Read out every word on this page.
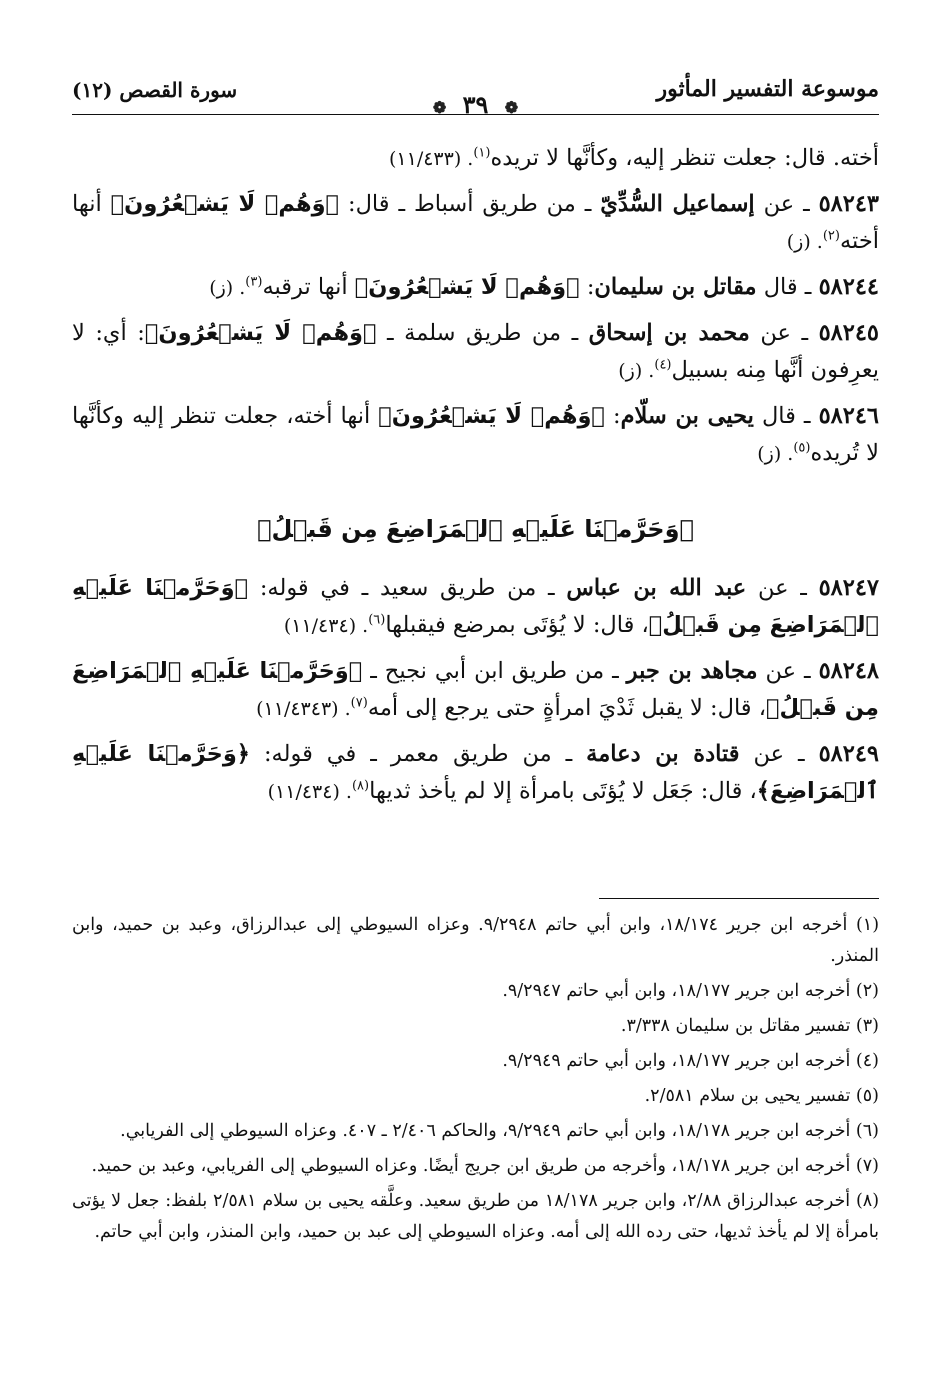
موسوعة التفسير المأثور
❁ ٣٩ ❁
سورة القصص (١٢)

أخته. قال: جعلت تنظر إليه، وكأنَّها لا تريده$^{(١)}$. (١١/٤٣٣)

٥٨٢٤٣ ـ عن إسماعيل السُّدِّيّ ـ من طريق أسباط ـ قال: ﴿وَهُمۡ لَا يَشۡعُرُونَ﴾ أنها أخته$^{(٢)}$. (ز)

٥٨٢٤٤ ـ قال مقاتل بن سليمان: ﴿وَهُمۡ لَا يَشۡعُرُونَ﴾ أنها ترقبه$^{(٣)}$. (ز)

٥٨٢٤٥ ـ عن محمد بن إسحاق ـ من طريق سلمة ـ ﴿وَهُمۡ لَا يَشۡعُرُونَ﴾: أي: لا يعرِفون أنَّها مِنه بسبيل$^{(٤)}$. (ز)

٥٨٢٤٦ ـ قال يحيى بن سلّام: ﴿وَهُمۡ لَا يَشۡعُرُونَ﴾ أنها أخته، جعلت تنظر إليه وكأنَّها لا تُريده$^{(٥)}$. (ز)

﴿وَحَرَّمۡنَا عَلَيۡهِ ٱلۡمَرَاضِعَ مِن قَبۡلُ﴾

٥٨٢٤٧ ـ عن عبد الله بن عباس ـ من طريق سعيد ـ في قوله: ﴿وَحَرَّمۡنَا عَلَيۡهِ ٱلۡمَرَاضِعَ مِن قَبۡلُ﴾، قال: لا يُؤتَى بمرضع فيقبلها$^{(٦)}$. (١١/٤٣٤)

٥٨٢٤٨ ـ عن مجاهد بن جبر ـ من طريق ابن أبي نجيح ـ ﴿وَحَرَّمۡنَا عَلَيۡهِ ٱلۡمَرَاضِعَ مِن قَبۡلُ﴾، قال: لا يقبل ثَدْيَ امرأةٍ حتى يرجع إلى أمه$^{(٧)}$. (١١/٤٣٤٣)

٥٨٢٤٩ ـ عن قتادة بن دعامة ـ من طريق معمر ـ في قوله: ﴿وَحَرَّمۡنَا عَلَيۡهِ ٱلۡمَرَاضِعَ﴾، قال: جَعَل لا يُؤتَى بامرأة إلا لم يأخذ ثديها$^{(٨)}$. (١١/٤٣٤)

(١) أخرجه ابن جرير ١٨/١٧٤، وابن أبي حاتم ٩/٢٩٤٨. وعزاه السيوطي إلى عبدالرزاق، وعبد بن حميد، وابن المنذر.
(٢) أخرجه ابن جرير ١٨/١٧٧، وابن أبي حاتم ٩/٢٩٤٧.
(٣) تفسير مقاتل بن سليمان ٣/٣٣٨.
(٤) أخرجه ابن جرير ١٨/١٧٧، وابن أبي حاتم ٩/٢٩٤٩.
(٥) تفسير يحيى بن سلام ٢/٥٨١.
(٦) أخرجه ابن جرير ١٨/١٧٨، وابن أبي حاتم ٩/٢٩٤٩، والحاكم ٢/٤٠٦ ـ ٤٠٧. وعزاه السيوطي إلى الفريابي.
(٧) أخرجه ابن جرير ١٨/١٧٨، وأخرجه من طريق ابن جريج أيضًا. وعزاه السيوطي إلى الفريابي، وعبد بن حميد.
(٨) أخرجه عبدالرزاق ٢/٨٨، وابن جرير ١٨/١٧٨ من طريق سعيد. وعلَّقه يحيى بن سلام ٢/٥٨١ بلفظ: جعل لا يؤتى بامرأة إلا لم يأخذ ثديها، حتى رده الله إلى أمه. وعزاه السيوطي إلى عبد بن حميد، وابن المنذر، وابن أبي حاتم.
